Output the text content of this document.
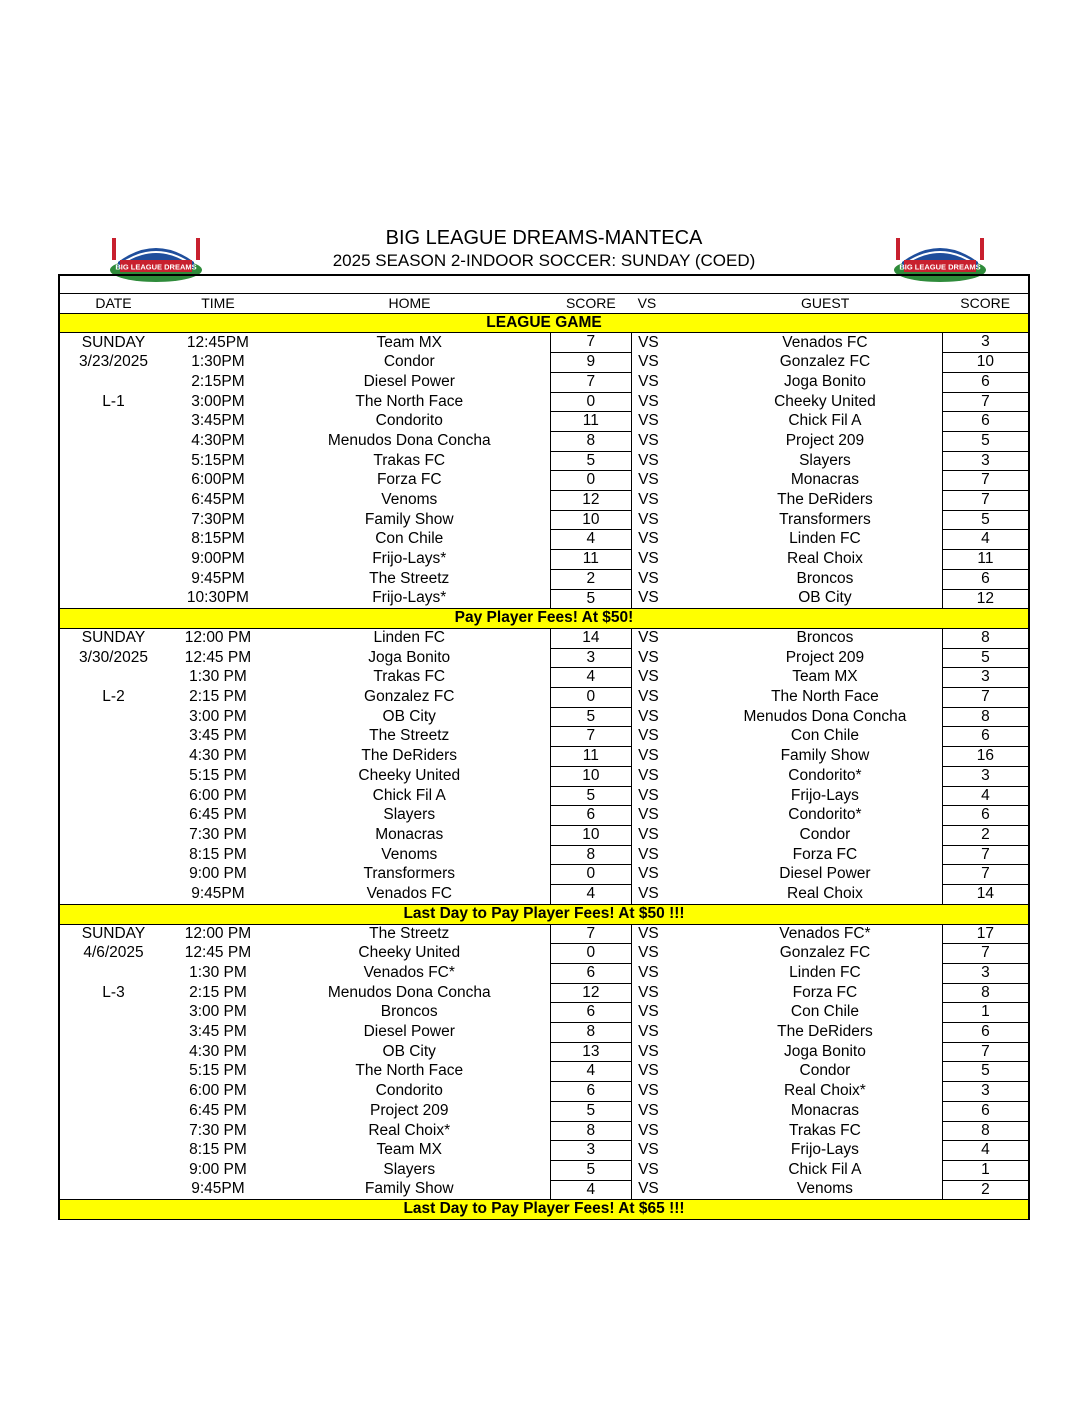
BIG LEAGUE DREAMS	BIG LEAGUE DREAMS
BIG LEAGUE DREAMS-MANTECA
2025 SEASON 2-INDOOR SOCCER: SUNDAY (COED)
DATE	TIME	HOME	SCORE	VS	GUEST	SCORE
LEAGUE GAME						
SUNDAY	12:45PM	Team MX	7	VS	Venados FC	3
3/23/2025	1:30PM	Condor	9	VS	Gonzalez FC	10
	2:15PM	Diesel Power	7	VS	Joga Bonito	6
L-1	3:00PM	The North Face	0	VS	Cheeky United	7
	3:45PM	Condorito	11	VS	Chick Fil A	6
	4:30PM	Menudos Dona Concha	8	VS	Project 209	5
	5:15PM	Trakas FC	5	VS	Slayers	3
	6:00PM	Forza FC	0	VS	Monacras	7
	6:45PM	Venoms	12	VS	The DeRiders	7
	7:30PM	Family Show	10	VS	Transformers	5
	8:15PM	Con Chile	4	VS	Linden FC	4
	9:00PM	Frijo-Lays*	11	VS	Real Choix	11
	9:45PM	The Streetz	2	VS	Broncos	6
	10:30PM	Frijo-Lays*	5	VS	OB City	12
Pay Player Fees! At $50!						
SUNDAY	12:00 PM	Linden FC	14	VS	Broncos	8
3/30/2025	12:45 PM	Joga Bonito	3	VS	Project 209	5
	1:30 PM	Trakas FC	4	VS	Team MX	3
L-2	2:15 PM	Gonzalez FC	0	VS	The North Face	7
	3:00 PM	OB City	5	VS	Menudos Dona Concha	8
	3:45 PM	The Streetz	7	VS	Con Chile	6
	4:30 PM	The DeRiders	11	VS	Family Show	16
	5:15 PM	Cheeky United	10	VS	Condorito*	3
	6:00 PM	Chick Fil A	5	VS	Frijo-Lays	4
	6:45 PM	Slayers	6	VS	Condorito*	6
	7:30 PM	Monacras	10	VS	Condor	2
	8:15 PM	Venoms	8	VS	Forza FC	7
	9:00 PM	Transformers	0	VS	Diesel Power	7
	9:45PM	Venados FC	4	VS	Real Choix	14
Last Day to Pay Player Fees! At $50 !!!						
SUNDAY	12:00 PM	The Streetz	7	VS	Venados FC*	17
4/6/2025	12:45 PM	Cheeky United	0	VS	Gonzalez FC	7
	1:30 PM	Venados FC*	6	VS	Linden FC	3
L-3	2:15 PM	Menudos Dona Concha	12	VS	Forza FC	8
	3:00 PM	Broncos	6	VS	Con Chile	1
	3:45 PM	Diesel Power	8	VS	The DeRiders	6
	4:30 PM	OB City	13	VS	Joga Bonito	7
	5:15 PM	The North Face	4	VS	Condor	5
	6:00 PM	Condorito	6	VS	Real Choix*	3
	6:45 PM	Project 209	5	VS	Monacras	6
	7:30 PM	Real Choix*	8	VS	Trakas FC	8
	8:15 PM	Team MX	3	VS	Frijo-Lays	4
	9:00 PM	Slayers	5	VS	Chick Fil A	1
	9:45PM	Family Show	4	VS	Venoms	2
Last Day to Pay Player Fees! At $65 !!!						
